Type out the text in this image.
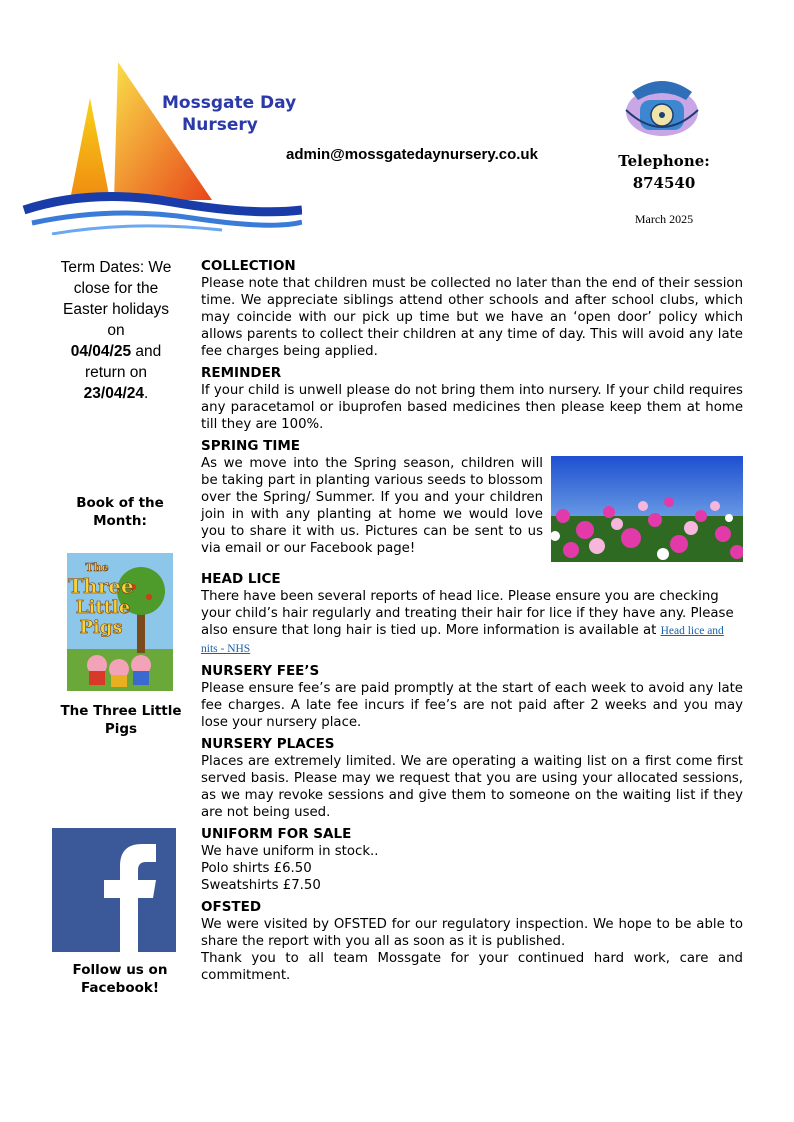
Mossgate Day
Nursery
admin@mossgatedaynursery.co.uk	Telephone:
874540
March 2025
Term Dates: We close for the Easter holidays on
04/04/25 and return on
23/04/24.
Book of the Month:
The
Three
Little
Pigs
The Three Little Pigs
Follow us on Facebook!
COLLECTION

Please note that children must be collected no later than the end of their session time. We appreciate siblings attend other schools and after school clubs, which may coincide with our pick up time but we have an ‘open door’ policy which allows parents to collect their children at any time of day. This will avoid any late fee charges being applied.

REMINDER

If your child is unwell please do not bring them into nursery. If your child requires any paracetamol or ibuprofen based medicines then please keep them at home till they are 100%.

SPRING TIME

As we move into the Spring season, children will be taking part in planting various seeds to blossom over the Spring/ Summer. If you and your children join in with any planting at home we would love you to share it with us. Pictures can be sent to us via email or our Facebook page!

HEAD LICE

There have been several reports of head lice. Please ensure you are checking your child’s hair regularly and treating their hair for lice if they have any. Please also ensure that long hair is tied up. More information is available at Head lice and nits - NHS

NURSERY FEE’S

Please ensure fee’s are paid promptly at the start of each week to avoid any late fee charges. A late fee incurs if fee’s are not paid after 2 weeks and you may lose your nursery place.

NURSERY PLACES

Places are extremely limited. We are operating a waiting list on a first come first served basis. Please may we request that you are using your allocated sessions, as we may revoke sessions and give them to someone on the waiting list if they are not being used.

UNIFORM FOR SALE

We have uniform in stock..
Polo shirts £6.50
Sweatshirts £7.50

OFSTED

We were visited by OFSTED for our regulatory inspection. We hope to be able to share the report with you all as soon as it is published.

Thank you to all team Mossgate for your continued hard work, care and commitment.
